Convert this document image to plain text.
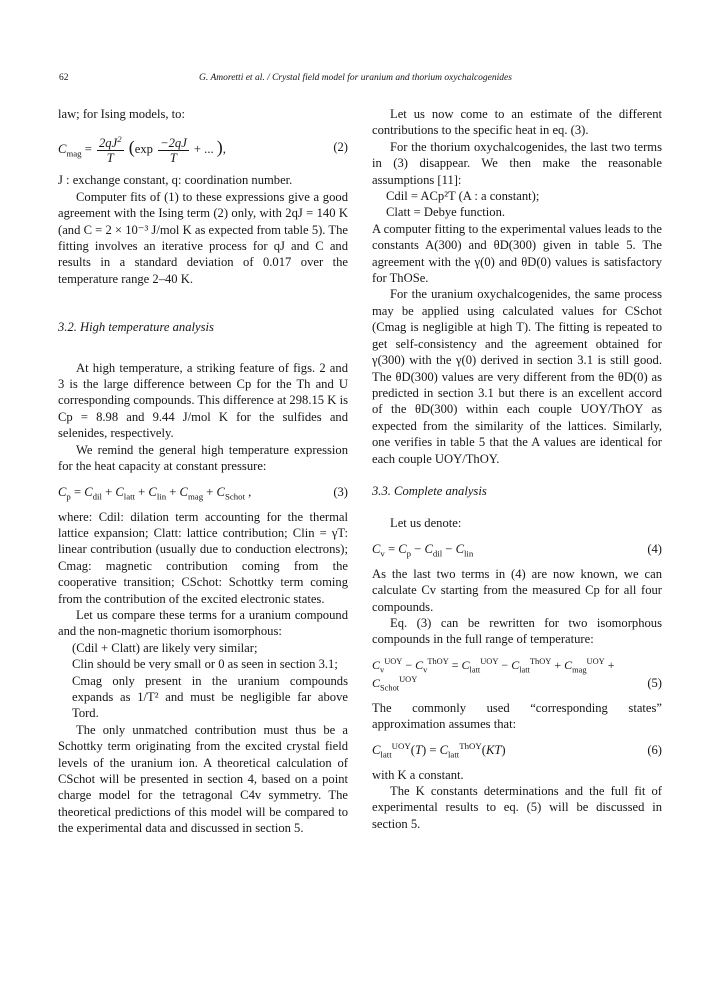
62	G. Amoretti et al. / Crystal field model for uranium and thorium oxychalcogenides

law; for Ising models, to:

$C_{mag} = \frac{2qJ^2}{T} (\exp \frac{-2qJ}{T}$ + ... ),	(2)

J : exchange constant, q: coordination number.

Computer fits of (1) to these expressions give a good agreement with the Ising term (2) only, with 2qJ = 140 K (and C = 2 × 10⁻³ J/mol K as expected from table 5). The fitting involves an iterative process for qJ and C and results in a standard deviation of 0.017 over the temperature range 2–40 K.

3.2. High temperature analysis

At high temperature, a striking feature of figs. 2 and 3 is the large difference between Cp for the Th and U corresponding compounds. This difference at 298.15 K is Cp = 8.98 and 9.44 J/mol K for the sulfides and selenides, respectively.

We remind the general high temperature expression for the heat capacity at constant pressure:

$C_p = C_{dil} + C_{latt} + C_{lin} + C_{mag} + C_{Schot}$ ,	(3)

where: Cdil: dilation term accounting for the thermal lattice expansion; Clatt: lattice contribution; Clin = γT: linear contribution (usually due to conduction electrons); Cmag: magnetic contribution coming from the cooperative transition; CSchot: Schottky term coming from the contribution of the excited electronic states.

Let us compare these terms for a uranium compound and the non-magnetic thorium isomorphous:

(Cdil + Clatt) are likely very similar;

Clin should be very small or 0 as seen in section 3.1;

Cmag only present in the uranium compounds expands as 1/T² and must be negligible far above Tord.

The only unmatched contribution must thus be a Schottky term originating from the excited crystal field levels of the uranium ion. A theoretical calculation of CSchot will be presented in section 4, based on a point charge model for the tetragonal C4v symmetry. The theoretical predictions of this model will be compared to the experimental data and discussed in section 5.

Let us now come to an estimate of the different contributions to the specific heat in eq. (3).

For the thorium oxychalcogenides, the last two terms in (3) disappear. We then make the reasonable assumptions [11]:

Cdil = ACp²T (A : a constant);

Clatt = Debye function.

A computer fitting to the experimental values leads to the constants A(300) and θD(300) given in table 5. The agreement with the γ(0) and θD(0) values is satisfactory for ThOSe.

For the uranium oxychalcogenides, the same process may be applied using calculated values for CSchot (Cmag is negligible at high T). The fitting is repeated to get self-consistency and the agreement obtained for γ(300) with the γ(0) derived in section 3.1 is still good. The θD(300) values are very different from the θD(0) as predicted in section 3.1 but there is an excellent accord of the θD(300) within each couple UOY/ThOY as expected from the similarity of the lattices. Similarly, one verifies in table 5 that the A values are identical for each couple UOY/ThOY.

3.3. Complete analysis

Let us denote:

$C_v = C_p - C_{dil} - C_{lin}$	(4)

As the last two terms in (4) are now known, we can calculate Cv starting from the measured Cp for all four compounds.

Eq. (3) can be rewritten for two isomorphous compounds in the full range of temperature:

$C_v^{UOY} - C_v^{ThOY} = C_{latt}^{UOY} - C_{latt}^{ThOY} + C_{mag}^{UOY} + C_{Schot}^{UOY}$	(5)

The commonly used “corresponding states” approximation assumes that:

$C_{latt}^{UOY}(T) = C_{latt}^{ThOY}(KT)$	(6)

with K a constant.

The K constants determinations and the full fit of experimental results to eq. (5) will be discussed in section 5.
